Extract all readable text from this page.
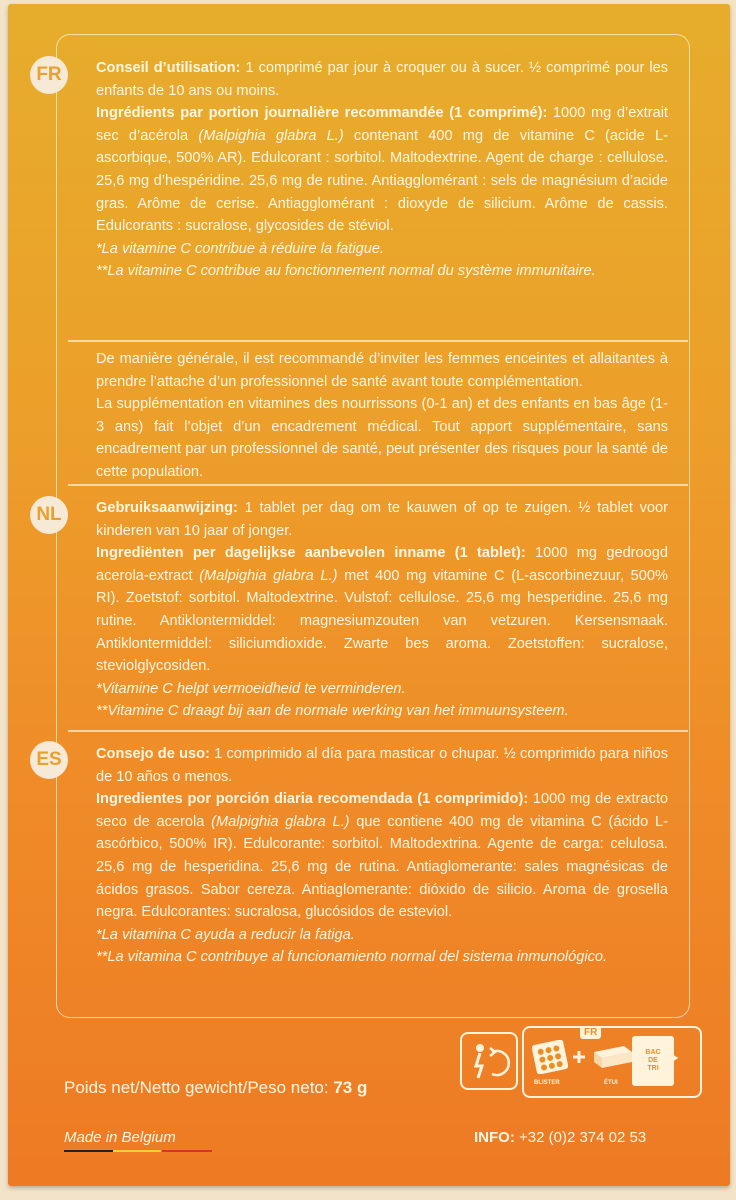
FR	Conseil d’utilisation: 1 comprimé par jour à croquer ou à sucer. ½ comprimé pour les enfants de 10 ans ou moins.

Ingrédients par portion journalière recommandée (1 comprimé): 1000 mg d’extrait sec d’acérola (Malpighia glabra L.) contenant 400 mg de vitamine C (acide L-ascorbique, 500% AR). Edulcorant : sorbitol. Maltodextrine. Agent de charge : cellulose. 25,6 mg d’hespéridine. 25,6 mg de rutine. Antiagglomérant : sels de magnésium d’acide gras. Arôme de cerise. Antiagglomérant : dioxyde de silicium. Arôme de cassis. Edulcorants : sucralose, glycosides de stéviol.

*La vitamine C contribue à réduire la fatigue.

**La vitamine C contribue au fonctionnement normal du système immunitaire.

De manière générale, il est recommandé d’inviter les femmes enceintes et allaitantes à prendre l’attache d’un professionnel de santé avant toute complémentation.

La supplémentation en vitamines des nourrissons (0-1 an) et des enfants en bas âge (1-3 ans) fait l’objet d’un encadrement médical. Tout apport supplémentaire, sans encadrement par un professionnel de santé, peut présenter des risques pour la santé de cette population.

NL	Gebruiksaanwijzing: 1 tablet per dag om te kauwen of op te zuigen. ½ tablet voor kinderen van 10 jaar of jonger.

Ingrediënten per dagelijkse aanbevolen inname (1 tablet): 1000 mg gedroogd acerola-extract (Malpighia glabra L.) met 400 mg vitamine C (L-ascorbinezuur, 500% RI). Zoetstof: sorbitol. Maltodextrine. Vulstof: cellulose. 25,6 mg hesperidine. 25,6 mg rutine. Antiklontermiddel: magnesiumzouten van vetzuren. Kersensmaak. Antiklontermiddel: siliciumdioxide. Zwarte bes aroma. Zoetstoffen: sucralose, steviolglycosiden.

*Vitamine C helpt vermoeidheid te verminderen.

**Vitamine C draagt bij aan de normale werking van het immuunsysteem.

ES	Consejo de uso: 1 comprimido al día para masticar o chupar. ½ comprimido para niños de 10 años o menos.

Ingredientes por porción diaria recomendada (1 comprimido): 1000 mg de extracto seco de acerola (Malpighia glabra L.) que contiene 400 mg de vitamina C (ácido L-ascórbico, 500% IR). Edulcorante: sorbitol. Maltodextrina. Agente de carga: celulosa. 25,6 mg de hesperidina. 25,6 mg de rutina. Antiaglomerante: sales magnésicas de ácidos grasos. Sabor cereza. Antiaglomerante: dióxido de silicio. Aroma de grosella negra. Edulcorantes: sucralosa, glucósidos de esteviol.

*La vitamina C ayuda a reducir la fatiga.

**La vitamina C contribuye al funcionamiento normal del sistema inmunológico.

FR
BLISTER	ÉTUI
BAC
DE
TRI
Poids net/Netto gewicht/Peso neto: 73 g
Made in Belgium	INFO: +32 (0)2 374 02 53
